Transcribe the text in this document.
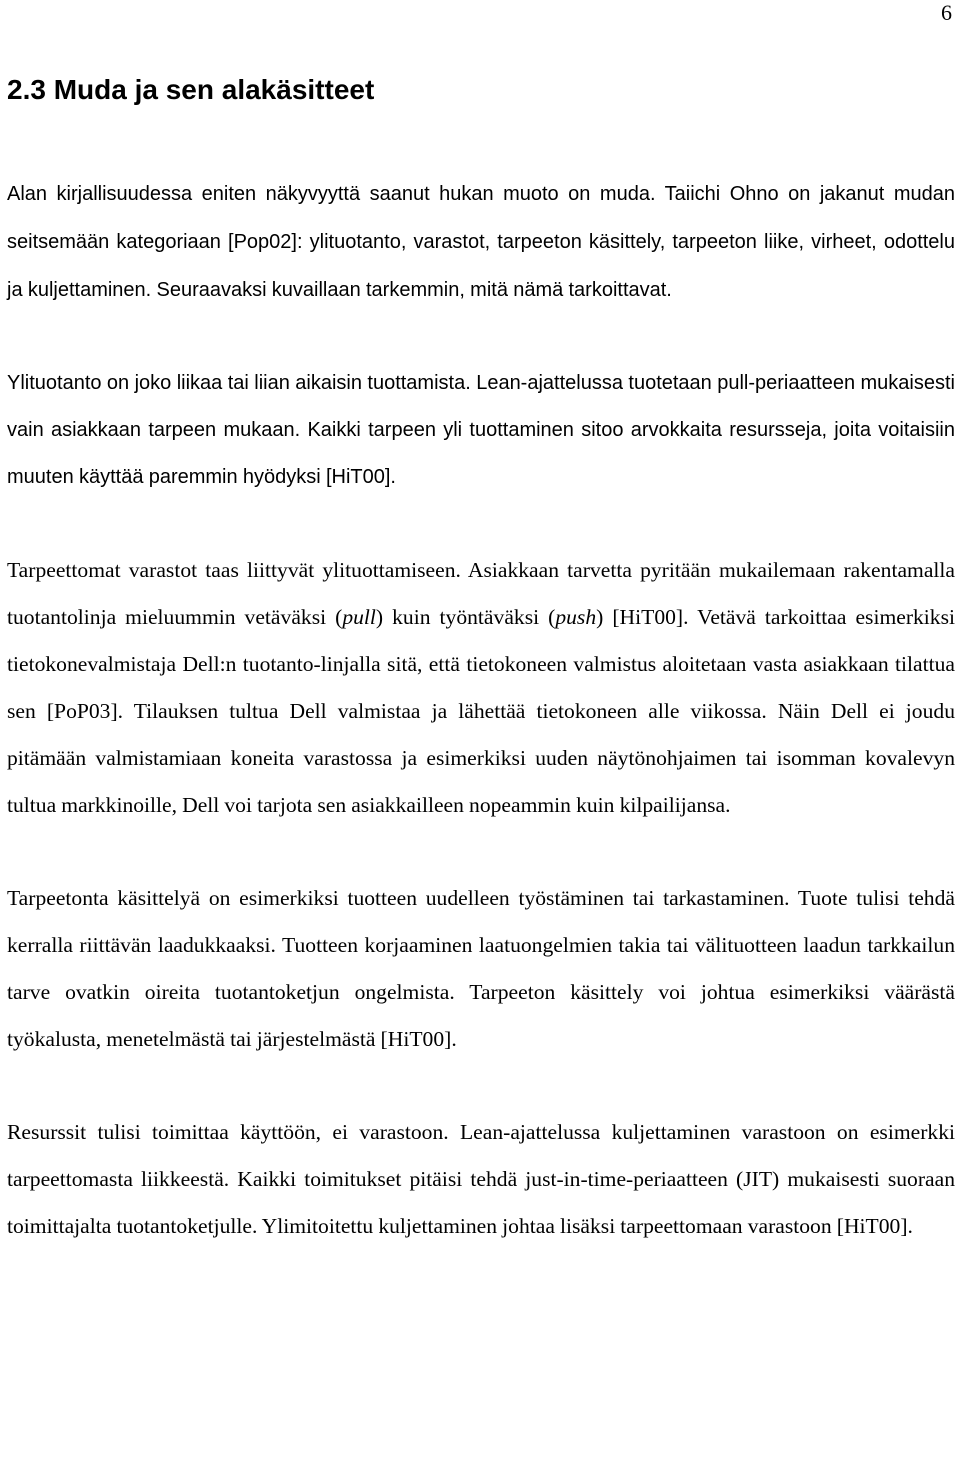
6
2.3 Muda ja sen alakäsitteet

Alan kirjallisuudessa eniten näkyvyyttä saanut hukan muoto on muda. Taiichi Ohno on jakanut mudan seitsemään kategoriaan [Pop02]: ylituotanto, varastot, tarpeeton käsittely, tarpeeton liike, virheet, odottelu ja kuljettaminen. Seuraavaksi kuvaillaan tarkemmin, mitä nämä tarkoittavat.

Ylituotanto on joko liikaa tai liian aikaisin tuottamista. Lean-ajattelussa tuotetaan pull-periaatteen mukaisesti vain asiakkaan tarpeen mukaan. Kaikki tarpeen yli tuottaminen sitoo arvokkaita resursseja, joita voitaisiin muuten käyttää paremmin hyödyksi [HiT00].

Tarpeettomat varastot taas liittyvät ylituottamiseen. Asiakkaan tarvetta pyritään mukailemaan rakentamalla tuotantolinja mieluummin vetäväksi (pull) kuin työntäväksi (push) [HiT00]. Vetävä tarkoittaa esimerkiksi tietokonevalmistaja Dell:n tuotanto-linjalla sitä, että tietokoneen valmistus aloitetaan vasta asiakkaan tilattua sen [PoP03]. Tilauksen tultua Dell valmistaa ja lähettää tietokoneen alle viikossa. Näin Dell ei joudu pitämään valmistamiaan koneita varastossa ja esimerkiksi uuden näytönohjaimen tai isomman kovalevyn tultua markkinoille, Dell voi tarjota sen asiakkailleen nopeammin kuin kilpailijansa.

Tarpeetonta käsittelyä on esimerkiksi tuotteen uudelleen työstäminen tai tarkastaminen. Tuote tulisi tehdä kerralla riittävän laadukkaaksi. Tuotteen korjaaminen laatuongelmien takia tai välituotteen laadun tarkkailun tarve ovatkin oireita tuotantoketjun ongelmista. Tarpeeton käsittely voi johtua esimerkiksi väärästä työkalusta, menetelmästä tai järjestelmästä [HiT00].

Resurssit tulisi toimittaa käyttöön, ei varastoon. Lean-ajattelussa kuljettaminen varastoon on esimerkki tarpeettomasta liikkeestä. Kaikki toimitukset pitäisi tehdä just-in-time-periaatteen (JIT) mukaisesti suoraan toimittajalta tuotantoketjulle. Ylimitoitettu kuljettaminen johtaa lisäksi tarpeettomaan varastoon [HiT00].
